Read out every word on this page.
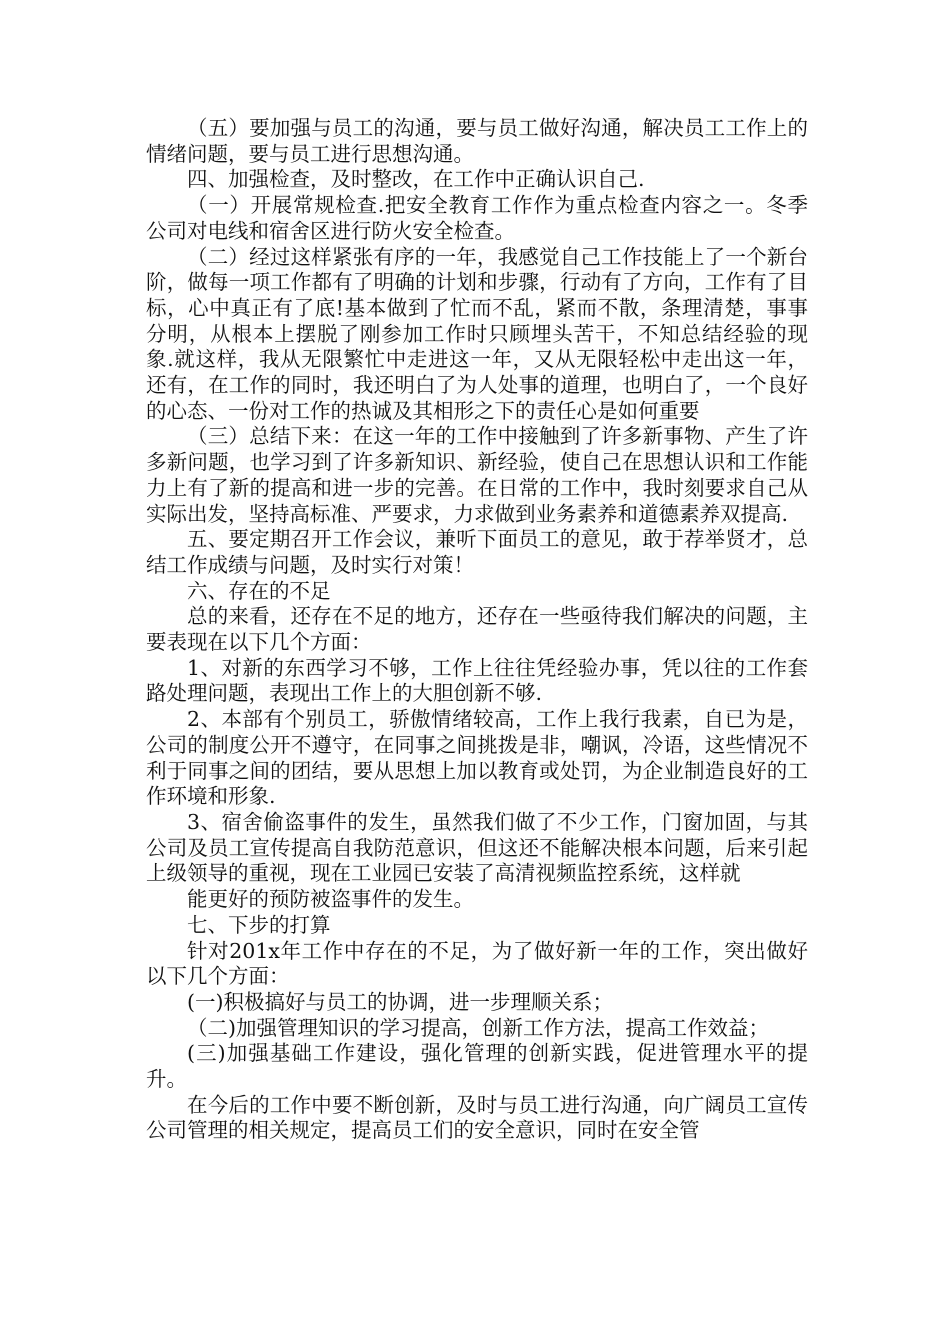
（五）要加强与员工的沟通，要与员工做好沟通，解决员工工作上的情绪问题，要与员工进行思想沟通。

四、加强检查，及时整改，在工作中正确认识自己.

（一）开展常规检查.把安全教育工作作为重点检查内容之一。冬季公司对电线和宿舍区进行防火安全检查。

（二）经过这样紧张有序的一年，我感觉自己工作技能上了一个新台阶，做每一项工作都有了明确的计划和步骤，行动有了方向，工作有了目标，心中真正有了底!基本做到了忙而不乱，紧而不散，条理清楚，事事分明，从根本上摆脱了刚参加工作时只顾埋头苦干，不知总结经验的现象.就这样，我从无限繁忙中走进这一年，又从无限轻松中走出这一年，还有，在工作的同时，我还明白了为人处事的道理，也明白了，一个良好的心态、一份对工作的热诚及其相形之下的责任心是如何重要

（三）总结下来：在这一年的工作中接触到了许多新事物、产生了许多新问题，也学习到了许多新知识、新经验，使自己在思想认识和工作能力上有了新的提高和进一步的完善。在日常的工作中，我时刻要求自己从实际出发，坚持高标准、严要求，力求做到业务素养和道德素养双提高.

五、要定期召开工作会议，兼听下面员工的意见，敢于荐举贤才，总结工作成绩与问题，及时实行对策！

六、存在的不足

总的来看，还存在不足的地方，还存在一些亟待我们解决的问题，主要表现在以下几个方面：

1、对新的东西学习不够，工作上往往凭经验办事，凭以往的工作套路处理问题，表现出工作上的大胆创新不够.

2、本部有个别员工，骄傲情绪较高，工作上我行我素，自已为是，公司的制度公开不遵守，在同事之间挑拨是非，嘲讽，冷语，这些情况不利于同事之间的团结，要从思想上加以教育或处罚，为企业制造良好的工作环境和形象.

3、宿舍偷盗事件的发生，虽然我们做了不少工作，门窗加固，与其公司及员工宣传提高自我防范意识，但这还不能解决根本问题，后来引起上级领导的重视，现在工业园已安装了高清视频监控系统，这样就

能更好的预防被盗事件的发生。

七、下步的打算

针对201x年工作中存在的不足，为了做好新一年的工作，突出做好以下几个方面：

(一)积极搞好与员工的协调，进一步理顺关系；

（二)加强管理知识的学习提高，创新工作方法，提高工作效益；

(三)加强基础工作建设，强化管理的创新实践，促进管理水平的提升。

在今后的工作中要不断创新，及时与员工进行沟通，向广阔员工宣传公司管理的相关规定，提高员工们的安全意识，同时在安全管
